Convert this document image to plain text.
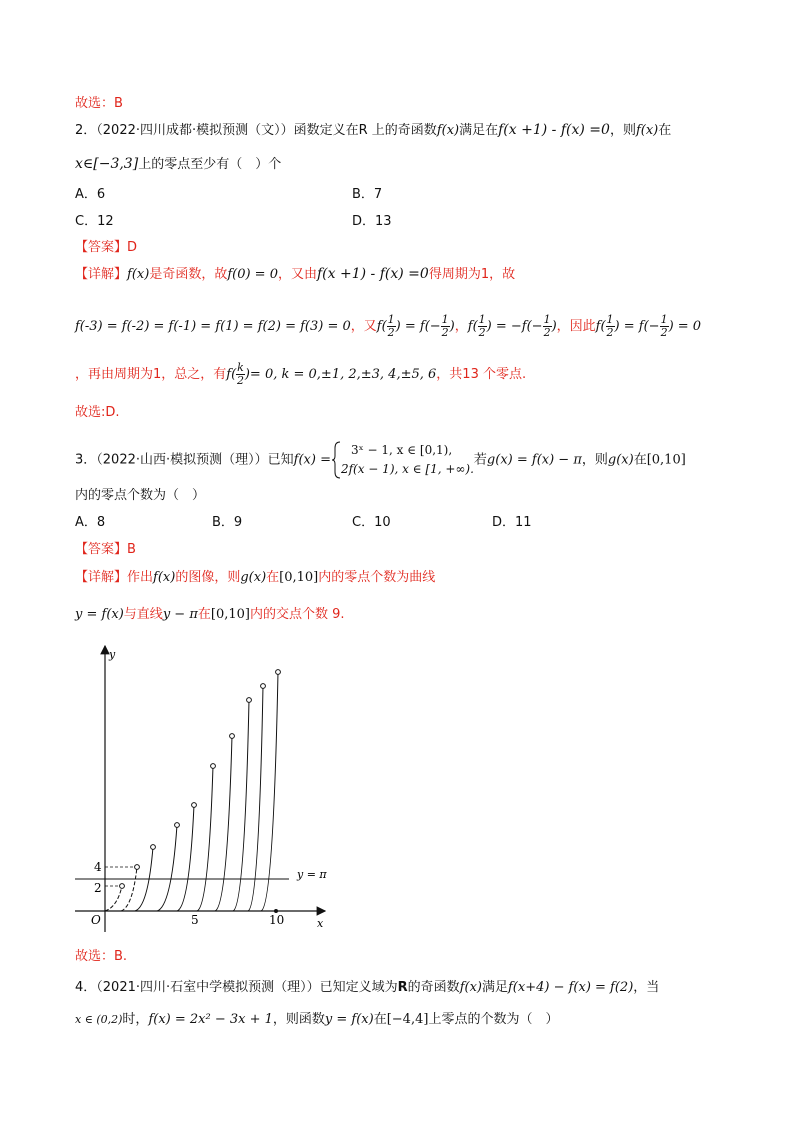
故选：B
2．（2022·四川成都·模拟预测（文））函数定义在R 上的奇函数f(x)满足在f(x +1) - f(x) =0，则f(x)在
x∈[−3,3]上的零点至少有（　）个
A．6	B．7
C．12	D．13
【答案】D
【详解】f(x)是奇函数，故f(0) = 0，又由f(x +1) - f(x) =0得周期为1，故
f(-3) = f(-2) = f(-1) = f(1) = f(2) = f(3) = 0，又$f( \frac{1}{2}$ ) = $f(- \frac{1}{2}$ )，$f( \frac{1}{2}$ ) = $-f(- \frac{1}{2}$ )，因此$f( \frac{1}{2}$ ) = $f(- \frac{1}{2}$ ) = 0
，再由周期为1，总之，有$f( \frac{k}{2}$ )= 0, k = 0,±1, 2,±3, 4,±5, 6，共13 个零点.
故选:D.
3．（2022·山西·模拟预测（理））已知f(x) =
3ˣ − 1, x ∈ [0,1),
2f(x − 1), x ∈ [1, +∞).
若g(x) = f(x) − π，则g(x)在[0,10]
内的零点个数为（　）
A．8	B．9	C．10	D．11
【答案】B
【详解】作出f(x)的图像，则g(x)在[0,10]内的零点个数为曲线
y = f(x)与直线y − π在[0,10]内的交点个数 9.
y
x
O
4
2
5	10
y = π
故选：B.
4．（2021·四川·石室中学模拟预测（理））已知定义域为R的奇函数f(x)满足f(x+4) − f(x) = f(2)，当
x ∈ (0,2)时，f(x) = 2x² − 3x + 1，则函数y = f(x)在[−4,4]上零点的个数为（　）
